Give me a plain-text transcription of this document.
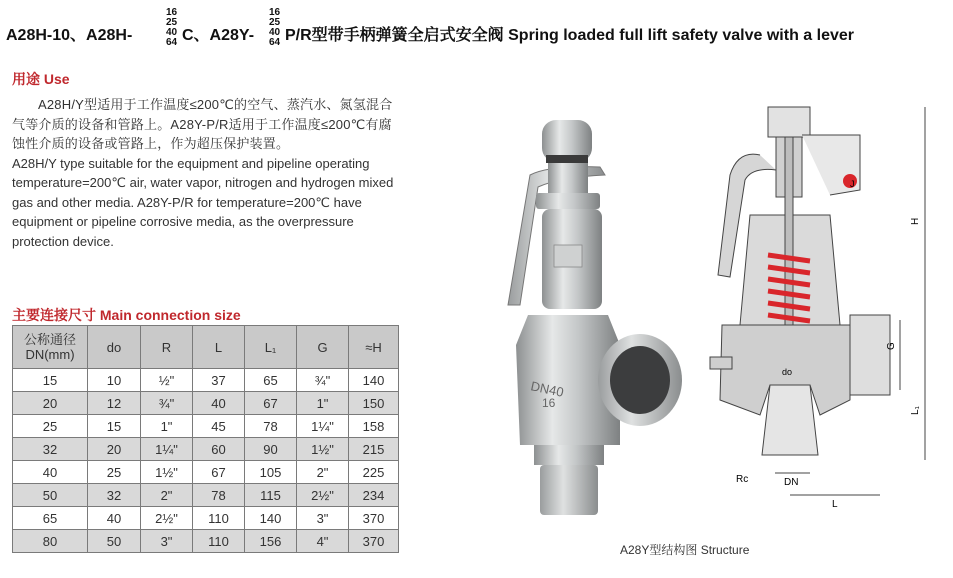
A28H-10、A28H-
16
25
40
64 C、A28Y-
16
25
40
64 P/R型带手柄弹簧全启式安全阀 Spring loaded full lift safety valve with a lever
用途 Use

A28H/Y型适用于工作温度≤200℃的空气、蒸汽水、氮氢混合气等介质的设备和管路上。A28Y-P/R适用于工作温度≤200℃有腐蚀性介质的设备或管路上，作为超压保护装置。

A28H/Y type suitable for the equipment and pipeline operating temperature=200℃ air, water vapor, nitrogen and hydrogen mixed gas and other media. A28Y-P/R for temperature=200℃ have equipment or pipeline corrosive media, as the overpressure protection device.

主要连接尺寸 Main connection size
公称通径
DN(mm)	do	R	L	L₁	G	≈H
15	10	½"	37	65	¾"	140
20	12	¾"	40	67	1"	150
25	15	1"	45	78	1¼"	158
32	20	1¼"	60	90	1½"	215
40	25	1½"	67	105	2"	225
50	32	2"	78	115	2½"	234
65	40	2½"	110	140	3"	370
80	50	3"	110	156	4"	370
DN40
16
J
H
G
L₁
do
Rc	DN
L
A28Y型结构图 Structure
